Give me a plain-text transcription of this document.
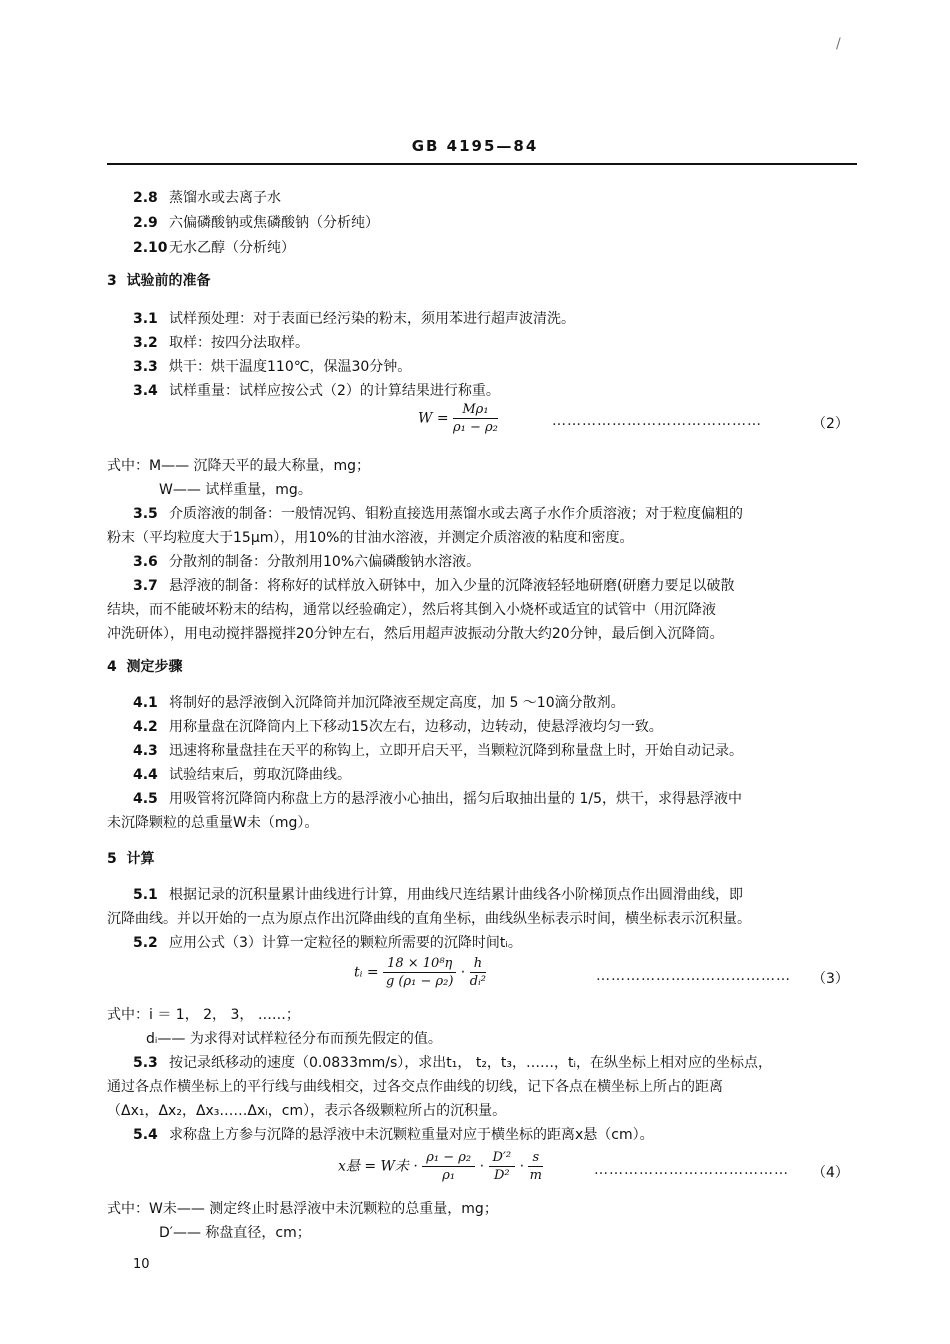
GB 4195—84
2.8 蒸馏水或去离子水
2.9 六偏磷酸钠或焦磷酸钠（分析纯）
2.10无水乙醇（分析纯）
3 试验前的准备
3.1 试样预处理：对于表面已经污染的粉末，须用苯进行超声波清洗。
3.2 取样：按四分法取样。
3.3 烘干：烘干温度110℃，保温30分钟。
3.4 试样重量：试样应按公式（2）的计算结果进行称重。
$W = \frac{\text{Mρ₁}}{\text{ρ₁ − ρ₂}}$	……………………………………	（2）
式中：M—— 沉降天平的最大称量，mg；
W—— 试样重量，mg。
3.5 介质溶液的制备：一般情况钨、钼粉直接选用蒸馏水或去离子水作介质溶液；对于粒度偏粗的
粉末（平均粒度大于15μm），用10%的甘油水溶液，并测定介质溶液的粘度和密度。
3.6 分散剂的制备：分散剂用10%六偏磷酸钠水溶液。
3.7 悬浮液的制备：将称好的试样放入研钵中，加入少量的沉降液轻轻地研磨(研磨力要足以破散
结块，而不能破坏粉末的结构，通常以经验确定），然后将其倒入小烧杯或适宜的试管中（用沉降液
冲洗研体），用电动搅拌器搅拌20分钟左右，然后用超声波振动分散大约20分钟，最后倒入沉降筒。
4 测定步骤
4.1 将制好的悬浮液倒入沉降筒并加沉降液至规定高度，加 5 ～10滴分散剂。
4.2 用称量盘在沉降筒内上下移动15次左右，边移动，边转动，使悬浮液均匀一致。
4.3 迅速将称量盘挂在天平的称钩上，立即开启天平，当颗粒沉降到称量盘上时，开始自动记录。
4.4 试验结束后，剪取沉降曲线。
4.5 用吸管将沉降筒内称盘上方的悬浮液小心抽出，摇匀后取抽出量的 1/5，烘干，求得悬浮液中
未沉降颗粒的总重量W未（mg）。
5 计算
5.1 根据记录的沉积量累计曲线进行计算，用曲线尺连结累计曲线各小阶梯顶点作出圆滑曲线，即
沉降曲线。并以开始的一点为原点作出沉降曲线的直角坐标，曲线纵坐标表示时间，横坐标表示沉积量。
5.2 应用公式（3）计算一定粒径的颗粒所需要的沉降时间tᵢ。
tᵢ = $\frac{\text{18 × 10⁸η}}{\text{g (ρ₁ − ρ₂)}} \cdot \frac{h}{\text{dᵢ²}}$	………………………………… （3）
式中：i ＝ 1， 2， 3， ……；
dᵢ—— 为求得对试样粒径分布而预先假定的值。
5.3 按记录纸移动的速度（0.0833mm/s），求出t₁， t₂，t₃，……，tᵢ，在纵坐标上相对应的坐标点，
通过各点作横坐标上的平行线与曲线相交，过各交点作曲线的切线，记下各点在横坐标上所占的距离
（Δx₁，Δx₂，Δx₃……Δxᵢ，cm），表示各级颗粒所占的沉积量。
5.4 求称盘上方参与沉降的悬浮液中未沉颗粒重量对应于横坐标的距离x悬（cm）。
x悬 = W未 · $\frac{\text{ρ₁ − ρ₂}}{\text{ρ₁}} \cdot \frac{\text{D′²}}{\text{D²}} \cdot \frac{s}{m}$	………………………………… （4）
式中：W未—— 测定终止时悬浮液中未沉颗粒的总重量，mg；
D′—— 称盘直径，cm；
10
/
